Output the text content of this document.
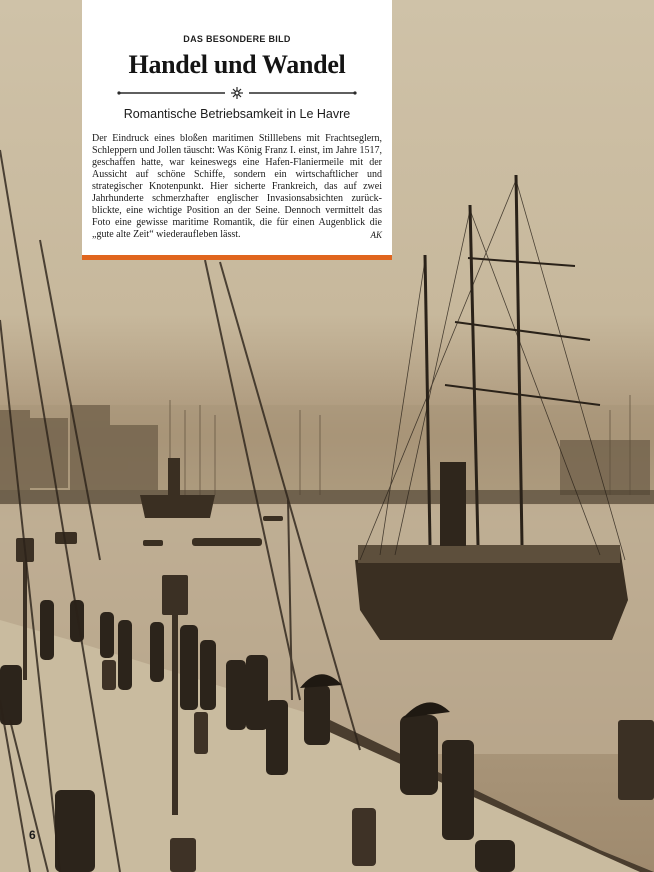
DAS BESONDERE BILD

Handel und Wandel

Romantische Betriebsamkeit in Le Havre

Der Eindruck eines bloßen maritimen Stilllebens mit Frachtseglern, Schleppern und Jollen täuscht: Was König Franz I. einst, im Jahre 1517, geschaffen hatte, war keineswegs eine Hafen-Flaniermeile mit der Aussicht auf schöne Schiffe, sondern ein wirtschaftlicher und strategischer Knotenpunkt. Hier sicherte Frankreich, das auf zwei Jahrhunderte schmerzhafter englischer Invasionsabsichten zurückblickte, eine wichtige Position an der Seine. Dennoch vermittelt das Foto eine gewisse maritime Romantik, die für einen Augenblick die „gute alte Zeit“ wiederaufleben lässt.	AK

6
